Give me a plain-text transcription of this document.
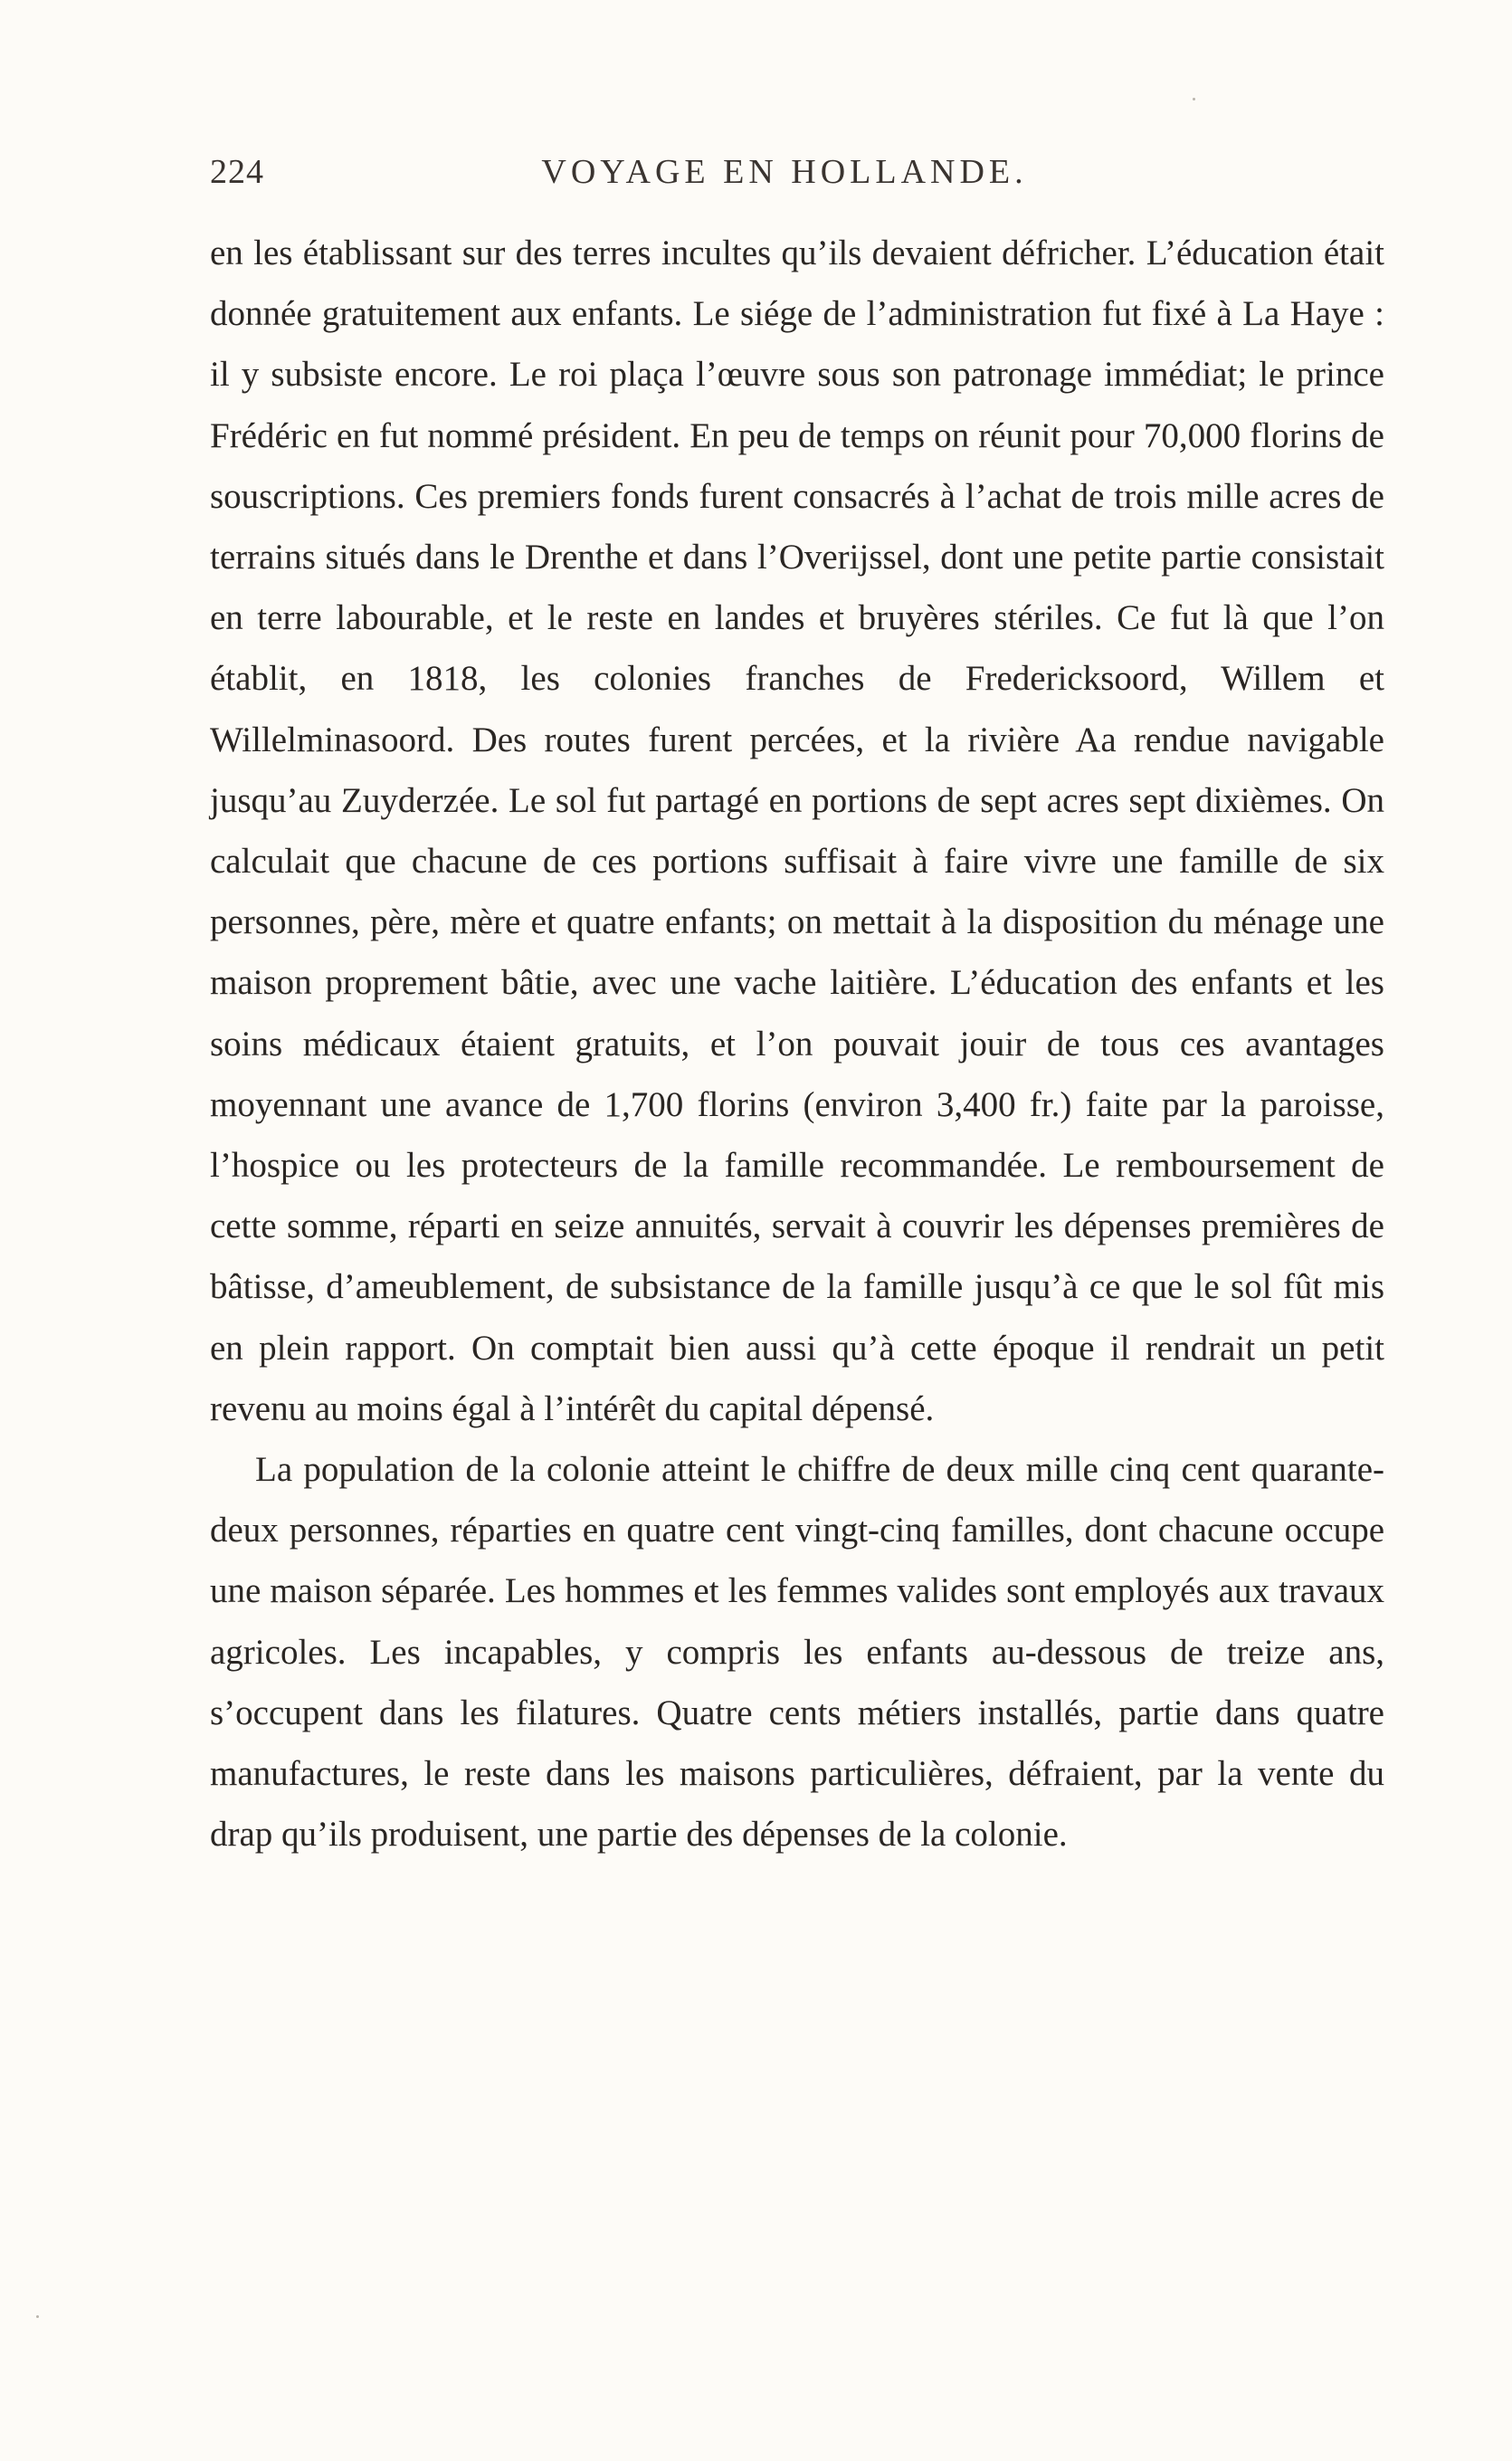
224	VOYAGE EN HOLLANDE.

en les établissant sur des terres incultes qu’ils devaient défricher. L’éducation était donnée gratuitement aux enfants. Le siége de l’administration fut fixé à La Haye : il y subsiste encore. Le roi plaça l’œuvre sous son patronage immédiat; le prince Frédéric en fut nommé président. En peu de temps on réunit pour 70,000 florins de souscriptions. Ces premiers fonds furent consacrés à l’achat de trois mille acres de terrains situés dans le Drenthe et dans l’Overijssel, dont une petite partie consistait en terre labourable, et le reste en landes et bruyères stériles. Ce fut là que l’on établit, en 1818, les colonies franches de Fredericksoord, Willem et Willelminasoord. Des routes furent percées, et la rivière Aa rendue navigable jusqu’au Zuyderzée. Le sol fut partagé en portions de sept acres sept dixièmes. On calculait que chacune de ces portions suffisait à faire vivre une famille de six personnes, père, mère et quatre enfants; on mettait à la disposition du ménage une maison proprement bâtie, avec une vache laitière. L’éducation des enfants et les soins médicaux étaient gratuits, et l’on pouvait jouir de tous ces avantages moyennant une avance de 1,700 florins (environ 3,400 fr.) faite par la paroisse, l’hospice ou les protecteurs de la famille recommandée. Le remboursement de cette somme, réparti en seize annuités, servait à couvrir les dépenses premières de bâtisse, d’ameublement, de subsistance de la famille jusqu’à ce que le sol fût mis en plein rapport. On comptait bien aussi qu’à cette époque il rendrait un petit revenu au moins égal à l’intérêt du capital dépensé.

La population de la colonie atteint le chiffre de deux mille cinq cent quarante-deux personnes, réparties en quatre cent vingt-cinq familles, dont chacune occupe une maison séparée. Les hommes et les femmes valides sont employés aux travaux agricoles. Les incapables, y compris les enfants au-dessous de treize ans, s’occupent dans les filatures. Quatre cents métiers installés, partie dans quatre manufactures, le reste dans les maisons particulières, défraient, par la vente du drap qu’ils produisent, une partie des dépenses de la colonie.
